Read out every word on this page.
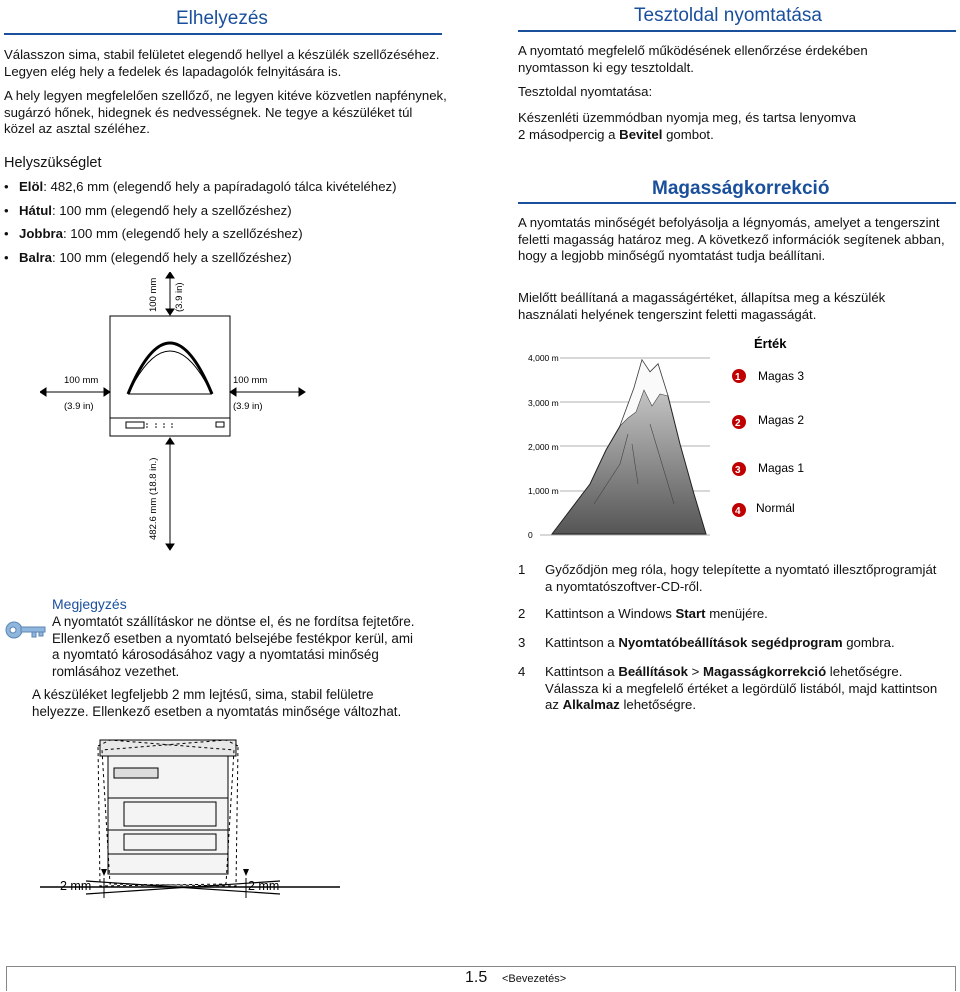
Elhelyezés

Válasszon sima, stabil felületet elegendő hellyel a készülék szellőzéséhez.
Legyen elég hely a fedelek és lapadagolók felnyitására is.

A hely legyen megfelelően szellőző, ne legyen kitéve közvetlen napfénynek,
sugárzó hőnek, hidegnek és nedvességnek. Ne tegye a készüléket túl
közel az asztal széléhez.

Helyszükséglet
• Elöl: 482,6 mm (elegendő hely a papíradagoló tálca kivételéhez)
• Hátul: 100 mm (elegendő hely a szellőzéshez)
• Jobbra: 100 mm (elegendő hely a szellőzéshez)
• Balra: 100 mm (elegendő hely a szellőzéshez)
100 mm (3.9 in)
100 mm
(3.9 in)
100 mm
(3.9 in)
482.6 mm (18.8 in.)
Megjegyzés

A nyomtatót szállításkor ne döntse el, és ne fordítsa fejtetőre.
Ellenkező esetben a nyomtató belsejébe festékpor kerül, ami
a nyomtató károsodásához vagy a nyomtatási minőség
romlásához vezethet.

A készüléket legfeljebb 2 mm lejtésű, sima, stabil felületre
helyezze. Ellenkező esetben a nyomtatás minősége változhat.

2 mm	2 mm
Tesztoldal nyomtatása

A nyomtató megfelelő működésének ellenőrzése érdekében
nyomtasson ki egy tesztoldalt.

Tesztoldal nyomtatása:

Készenléti üzemmódban nyomja meg, és tartsa lenyomva
2 másodpercig a Bevitel gombot.

Magasságkorrekció

A nyomtatás minőségét befolyásolja a légnyomás, amelyet a tengerszint
feletti magasság határoz meg. A következő információk segítenek abban,
hogy a legjobb minőségű nyomtatást tudja beállítani.

Mielőtt beállítaná a magasságértéket, állapítsa meg a készülék
használati helyének tengerszint feletti magasságát.

4,000 m
3,000 m
2,000 m
1,000 m
0
Érték
1 Magas 3
2 Magas 2
3 Magas 1
4 Normál
1 Győződjön meg róla, hogy telepítette a nyomtató illesztőprogramját
a nyomtatószoftver-CD-ről.
2 Kattintson a Windows Start menüjére.
3 Kattintson a Nyomtatóbeállítások segédprogram gombra.
4 Kattintson a Beállítások > Magasságkorrekció lehetőségre.
Válassza ki a megfelelő értéket a legördülő listából, majd kattintson
az Alkalmaz lehetőségre.
1.5 <Bevezetés>
